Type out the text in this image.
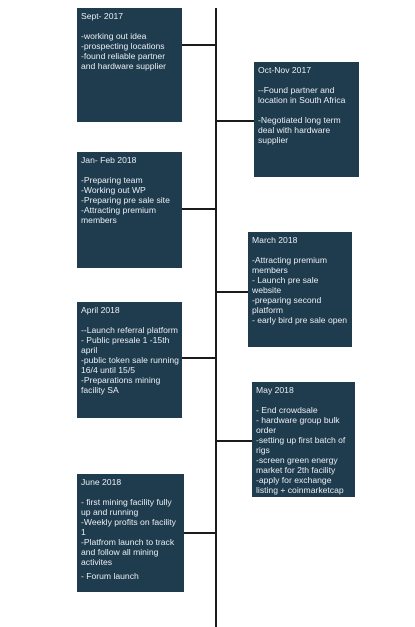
Sept- 2017
-working out idea
-prospecting locations
-found reliable partner and hardware supplier	Oct-Nov 2017
--Found partner and location in South Africa
-Negotiated long term deal with hardware supplier
Jan- Feb 2018
-Preparing team
-Working out WP
-Preparing pre sale site
-Attracting premium members
March 2018
-Attracting premium members
- Launch pre sale website
-preparing second platform
- early bird pre sale open
April 2018
--Launch referral platform
- Public presale 1 -15th april
-public token sale running 16/4 until 15/5
-Preparations mining facility SA	May 2018
- End crowdsale
- hardware group bulk order
-setting up first batch of rigs
-screen green energy market for 2th facility
-apply for exchange listing + coinmarketcap
June 2018
- first mining facility fully up and running
-Weekly profits on facility 1
-Platfrom launch to track and follow all mining activites
- Forum launch
